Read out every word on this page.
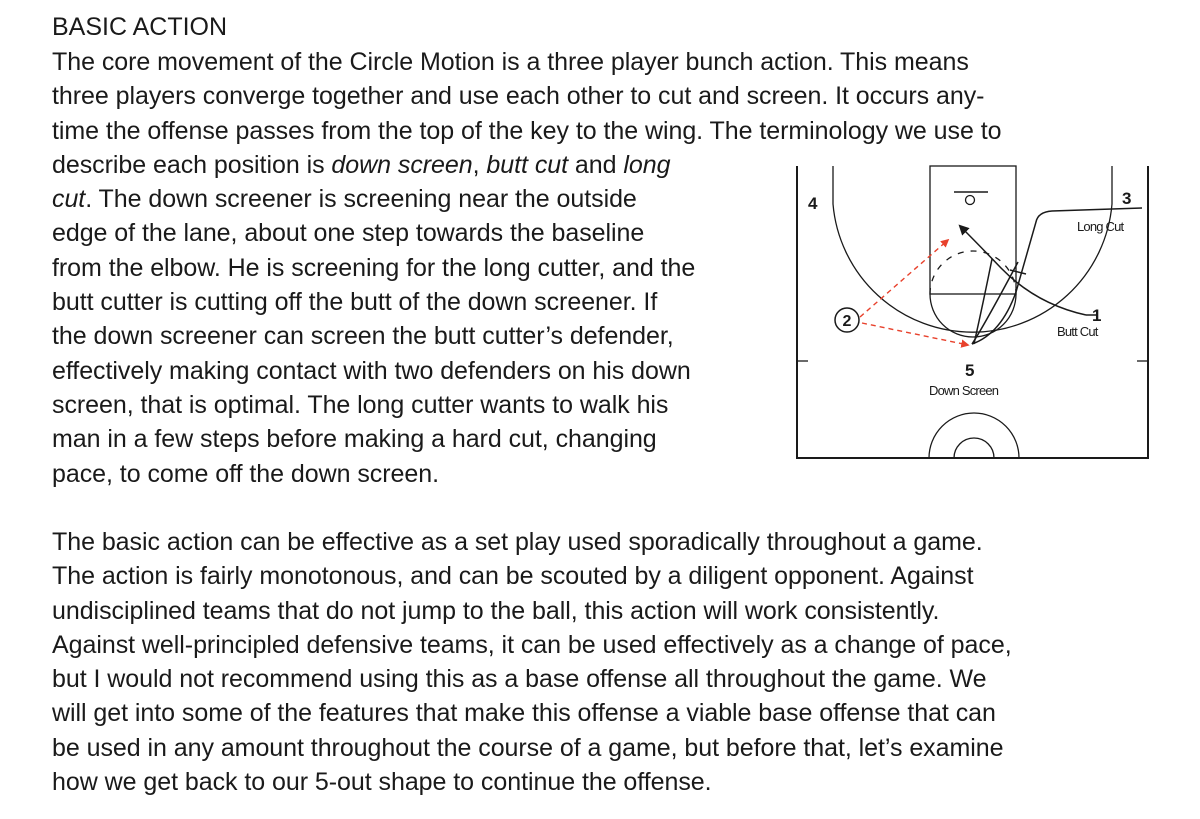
BASIC ACTION
The core movement of the Circle Motion is a three player bunch action. This means
three players converge together and use each other to cut and screen. It occurs any-
time the offense passes from the top of the key to the wing. The terminology we use to
describe each position is down screen, butt cut and long
cut. The down screener is screening near the outside
edge of the lane, about one step towards the baseline
from the elbow. He is screening for the long cutter, and the
butt cutter is cutting off the butt of the down screener. If
the down screener can screen the butt cutter’s defender,
effectively making contact with two defenders on his down
screen, that is optimal. The long cutter wants to walk his
man in a few steps before making a hard cut, changing
pace, to come off the down screen.
The basic action can be effective as a set play used sporadically throughout a game.
The action is fairly monotonous, and can be scouted by a diligent opponent. Against
undisciplined teams that do not jump to the ball, this action will work consistently.
Against well-principled defensive teams, it can be used effectively as a change of pace,
but I would not recommend using this as a base offense all throughout the game. We
will get into some of the features that make this offense a viable base offense that can
be used in any amount throughout the course of a game, but before that, let’s examine
how we get back to our 5-out shape to continue the offense.
4	3
Long Cut
2	1
Butt Cut
5
Down Screen
